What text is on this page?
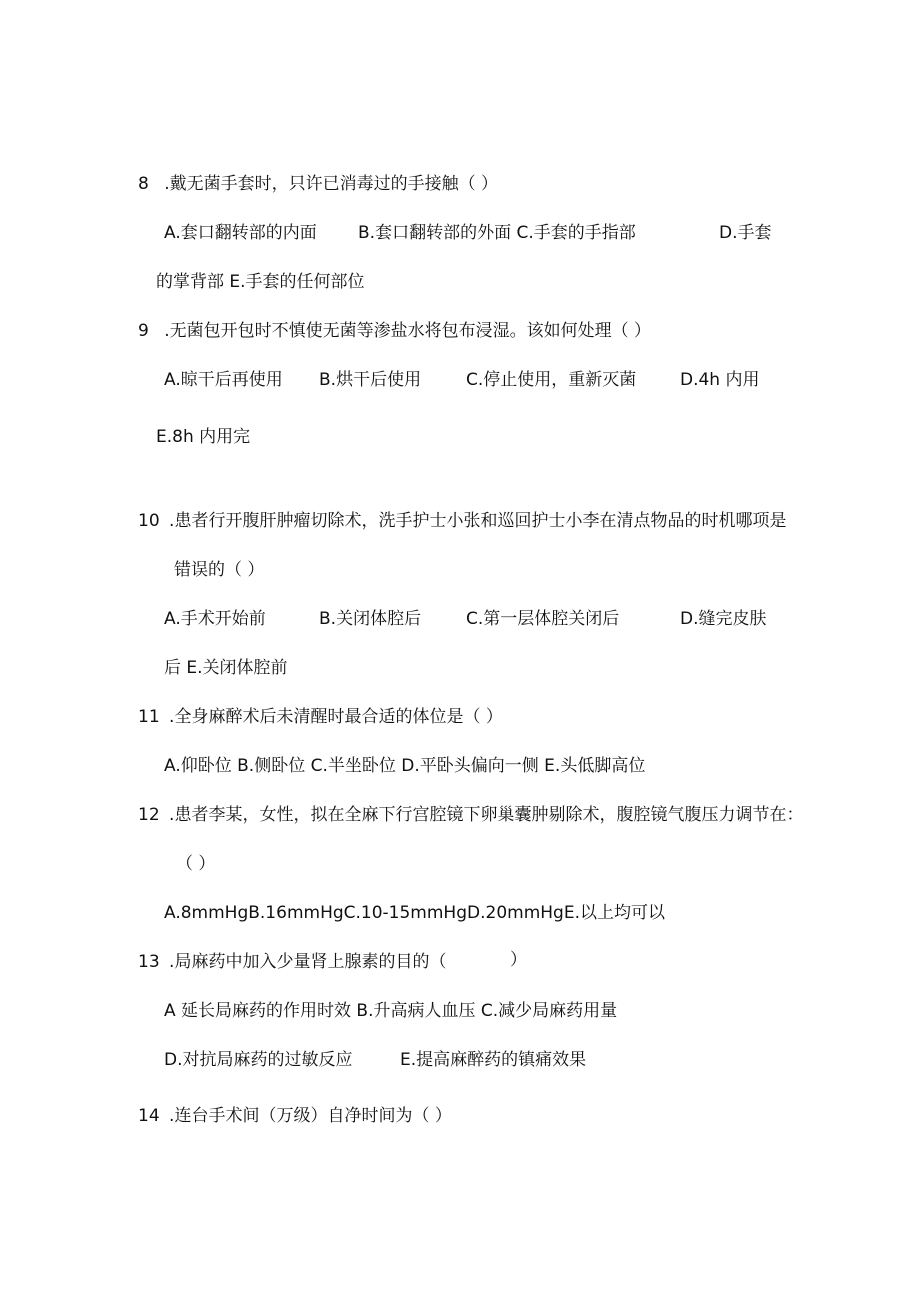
8 .戴无菌手套时，只许已消毒过的手接触（ ）
A.套口翻转部的内面 B.套口翻转部的外面 C.手套的手指部	D.手套
的掌背部 E.手套的任何部位
9 .无菌包开包时不慎使无菌等渗盐水将包布浸湿。该如何处理（ ）
A.晾干后再使用 B.烘干后使用	C.停止使用，重新灭菌	D.4h 内用
E.8h 内用完
10 .患者行开腹肝肿瘤切除术，洗手护士小张和巡回护士小李在清点物品的时机哪项是
错误的（ ）
A.手术开始前	B.关闭体腔后	C.第一层体腔关闭后	D.缝完皮肤
后 E.关闭体腔前
11 .全身麻醉术后未清醒时最合适的体位是（ ）
A.仰卧位 B.侧卧位 C.半坐卧位 D.平卧头偏向一侧 E.头低脚高位
12 .患者李某，女性，拟在全麻下行宫腔镜下卵巢囊肿剔除术，腹腔镜气腹压力调节在：
（ ）
A.8mmHgB.16mmHgC.10-15mmHgD.20mmHgE.以上均可以
13 .局麻药中加入少量肾上腺素的目的（	）
A 延长局麻药的作用时效 B.升高病人血压 C.减少局麻药用量
D.对抗局麻药的过敏反应	E.提高麻醉药的镇痛效果
14 .连台手术间（万级）自净时间为（ ）
